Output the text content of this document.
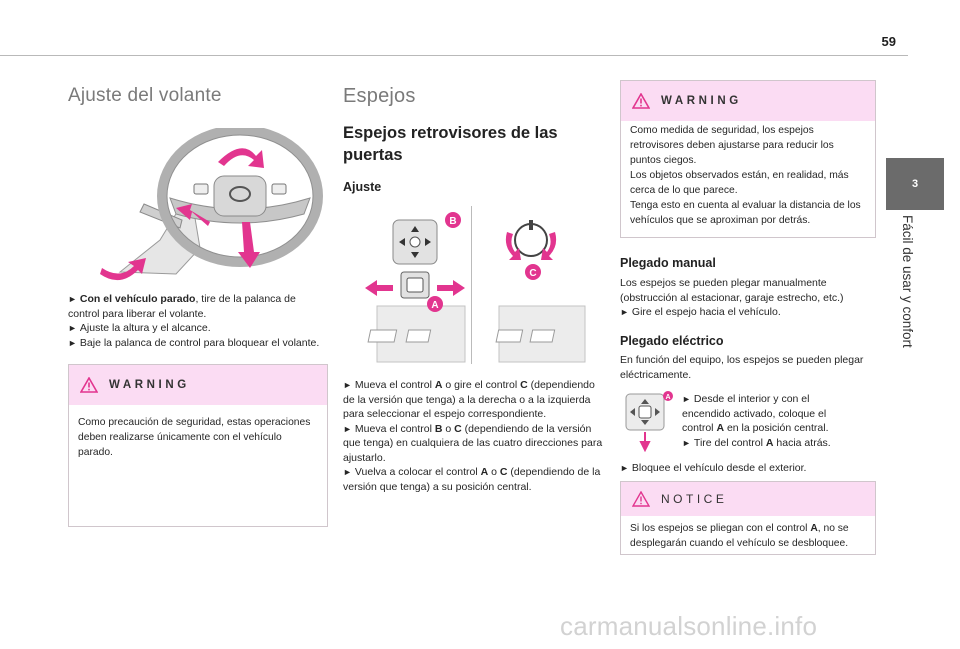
59
3
Fácil de usar y confort
Ajuste del volante
► Con el vehículo parado, tire de la palanca de control para liberar el volante.
► Ajuste la altura y el alcance.
► Baje la palanca de control para bloquear el volante.
WARNING
Como precaución de seguridad, estas operaciones deben realizarse únicamente con el vehículo parado.
Espejos
Espejos retrovisores de las puertas
Ajuste
B
A
C
► Mueva el control A o gire el control C (dependiendo de la versión que tenga) a la derecha o a la izquierda para seleccionar el espejo correspondiente.
► Mueva el control B o C (dependiendo de la versión que tenga) en cualquiera de las cuatro direcciones para ajustarlo.
► Vuelva a colocar el control A o C (dependiendo de la versión que tenga) a su posición central.
WARNING
Como medida de seguridad, los espejos retrovisores deben ajustarse para reducir los puntos ciegos.
Los objetos observados están, en realidad, más cerca de lo que parece.
Tenga esto en cuenta al evaluar la distancia de los vehículos que se aproximan por detrás.
Plegado manual
Los espejos se pueden plegar manualmente (obstrucción al estacionar, garaje estrecho, etc.)
► Gire el espejo hacia el vehículo.
Plegado eléctrico
En función del equipo, los espejos se pueden plegar eléctricamente.
A ► Desde el interior y con el encendido activado, coloque el control A en la posición central.
► Tire del control A hacia atrás.
► Bloquee el vehículo desde el exterior.
NOTICE
Si los espejos se pliegan con el control A, no se desplegarán cuando el vehículo se desbloquee.
carmanualsonline.info
